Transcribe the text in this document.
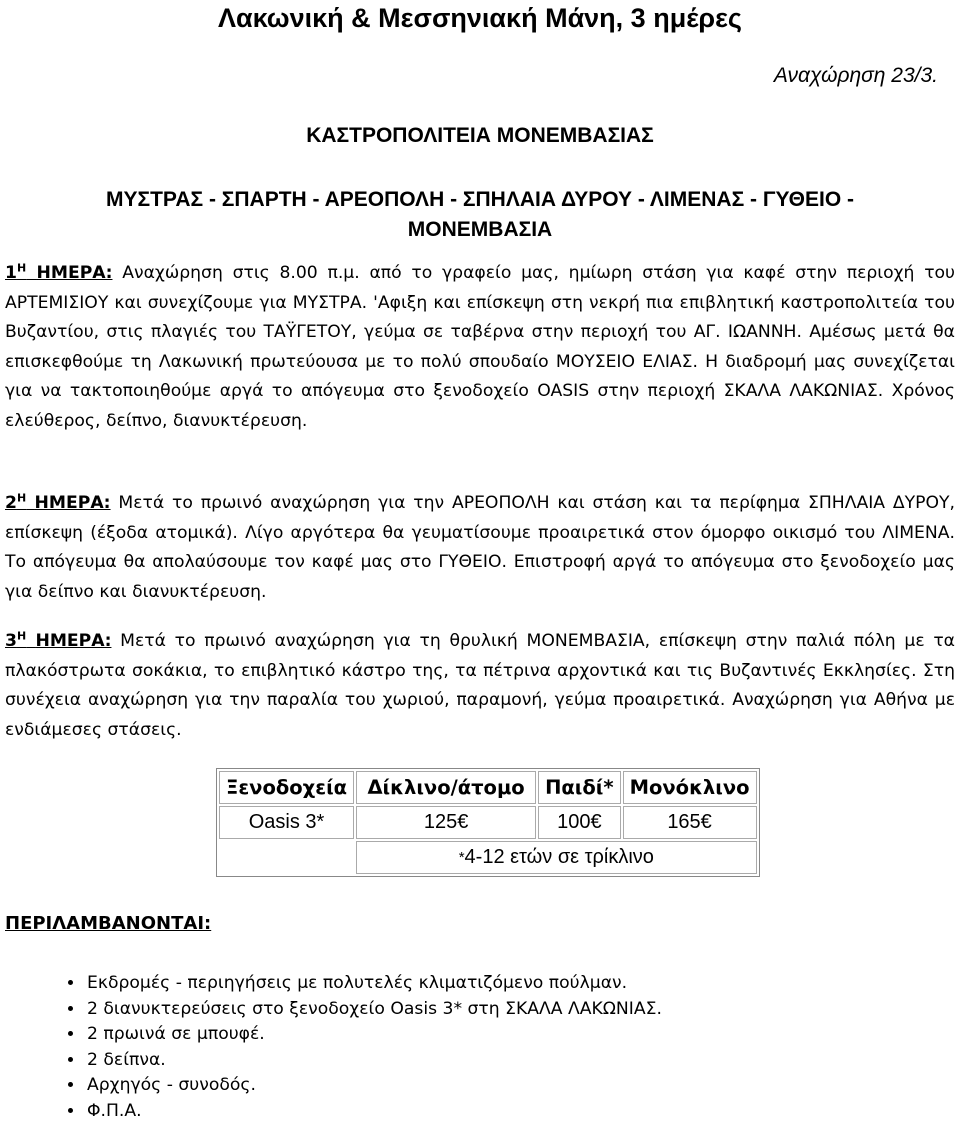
Λακωνική & Μεσσηνιακή Μάνη, 3 ημέρες
Αναχώρηση 23/3.
ΚΑΣΤΡΟΠΟΛΙΤΕΙΑ ΜΟΝΕΜΒΑΣΙΑΣ
ΜΥΣΤΡΑΣ - ΣΠΑΡΤΗ - ΑΡΕΟΠΟΛΗ - ΣΠΗΛΑΙΑ ΔΥΡΟΥ - ΛΙΜΕΝΑΣ - ΓΥΘΕΙΟ - ΜΟΝΕΜΒΑΣΙΑ
$1^H$ ΗΜΕΡΑ: Αναχώρηση στις 8.00 π.μ. από το γραφείο μας, ημίωρη στάση για καφέ στην περιοχή του ΑΡΤΕΜΙΣΙΟΥ και συνεχίζουμε για ΜΥΣΤΡΑ. 'Αφιξη και επίσκεψη στη νεκρή πια επιβλητική καστροπολιτεία του Βυζαντίου, στις πλαγιές του ΤΑΫΓΕΤΟΥ, γεύμα σε ταβέρνα στην περιοχή του ΑΓ. ΙΩΑΝΝΗ. Αμέσως μετά θα επισκεφθούμε τη Λακωνική πρωτεύουσα με το πολύ σπουδαίο ΜΟΥΣΕΙΟ ΕΛΙΑΣ. Η διαδρομή μας συνεχίζεται για να τακτοποιηθούμε αργά το απόγευμα στο ξενοδοχείο OASIS στην περιοχή ΣΚΑΛΑ ΛΑΚΩΝΙΑΣ. Χρόνος ελεύθερος, δείπνο, διανυκτέρευση.
$2^H$ ΗΜΕΡΑ: Μετά το πρωινό αναχώρηση για την ΑΡΕΟΠΟΛΗ και στάση και τα περίφημα ΣΠΗΛΑΙΑ ΔΥΡΟΥ, επίσκεψη (έξοδα ατομικά). Λίγο αργότερα θα γευματίσουμε προαιρετικά στον όμορφο οικισμό του ΛΙΜΕΝΑ. Το απόγευμα θα απολαύσουμε τον καφέ μας στο ΓΥΘΕΙΟ. Επιστροφή αργά το απόγευμα στο ξενοδοχείο μας για δείπνο και διανυκτέρευση.
$3^H$ ΗΜΕΡΑ: Μετά το πρωινό αναχώρηση για τη θρυλική ΜΟΝΕΜΒΑΣΙΑ, επίσκεψη στην παλιά πόλη με τα πλακόστρωτα σοκάκια, το επιβλητικό κάστρο της, τα πέτρινα αρχοντικά και τις Βυζαντινές Εκκλησίες. Στη συνέχεια αναχώρηση για την παραλία του χωριού, παραμονή, γεύμα προαιρετικά. Αναχώρηση για Αθήνα με ενδιάμεσες στάσεις.
Ξενοδοχεία	Δίκλινο/άτομο	Παιδί*	Μονόκλινο
Oasis 3*	125€	100€	165€
	*4-12 ετών σε τρίκλινο		
ΠΕΡΙΛΑΜΒΑΝΟΝΤΑΙ:
• Εκδρομές - περιηγήσεις με πολυτελές κλιματιζόμενο πούλμαν.
• 2 διανυκτερεύσεις στο ξενοδοχείο Oasis 3* στη ΣΚΑΛΑ ΛΑΚΩΝΙΑΣ.
• 2 πρωινά σε μπουφέ.
• 2 δείπνα.
• Αρχηγός - συνοδός.
• Φ.Π.Α.
